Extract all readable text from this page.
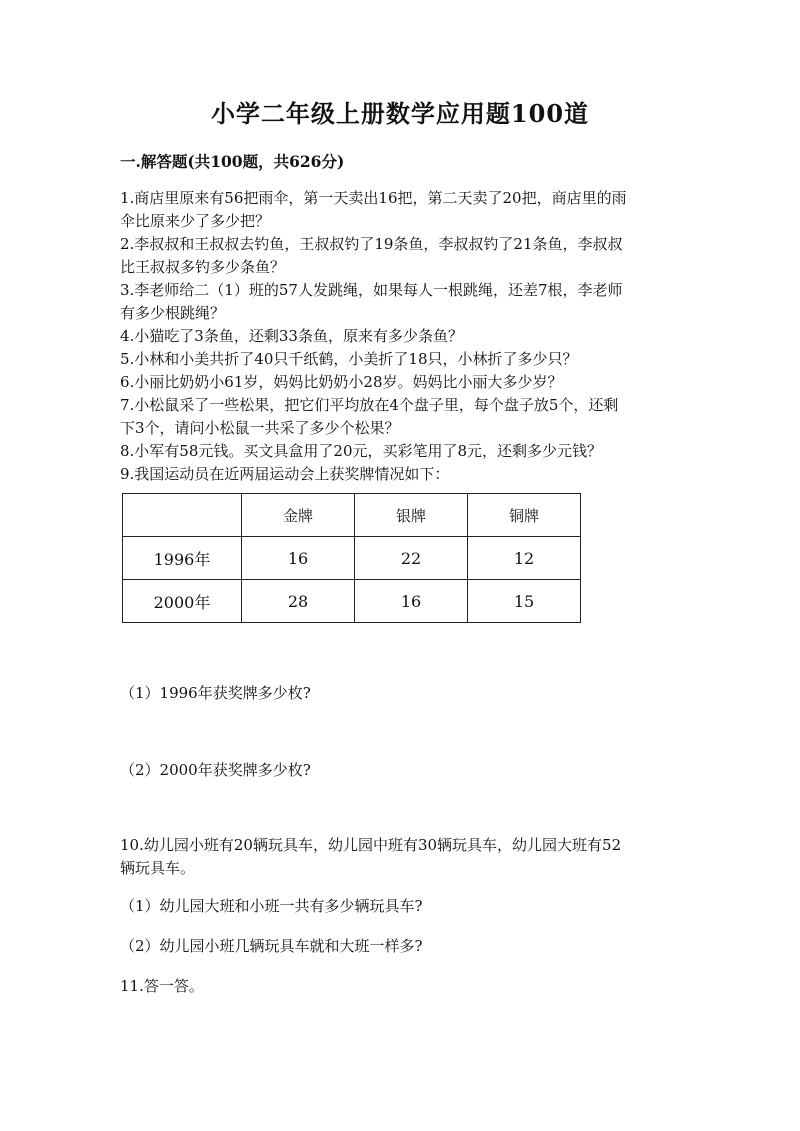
小学二年级上册数学应用题100道
一.解答题(共100题，共626分)
1.商店里原来有56把雨伞，第一天卖出16把，第二天卖了20把，商店里的雨
伞比原来少了多少把？
2.李叔叔和王叔叔去钓鱼，王叔叔钓了19条鱼，李叔叔钓了21条鱼，李叔叔
比王叔叔多钓多少条鱼？
3.李老师给二（1）班的57人发跳绳，如果每人一根跳绳，还差7根，李老师
有多少根跳绳？
4.小猫吃了3条鱼，还剩33条鱼，原来有多少条鱼？
5.小林和小美共折了40只千纸鹤，小美折了18只，小林折了多少只？
6.小丽比奶奶小61岁，妈妈比奶奶小28岁。妈妈比小丽大多少岁？
7.小松鼠采了一些松果，把它们平均放在4个盘子里，每个盘子放5个，还剩
下3个，请问小松鼠一共采了多少个松果？
8.小军有58元钱。买文具盒用了20元，买彩笔用了8元，还剩多少元钱？
9.我国运动员在近两届运动会上获奖牌情况如下：
	金牌	银牌	铜牌
1996年	16	22	12
2000年	28	16	15
（1）1996年获奖牌多少枚?
（2）2000年获奖牌多少枚?
10.幼儿园小班有20辆玩具车，幼儿园中班有30辆玩具车，幼儿园大班有52
辆玩具车。
（1）幼儿园大班和小班一共有多少辆玩具车?
（2）幼儿园小班几辆玩具车就和大班一样多?
11.答一答。
